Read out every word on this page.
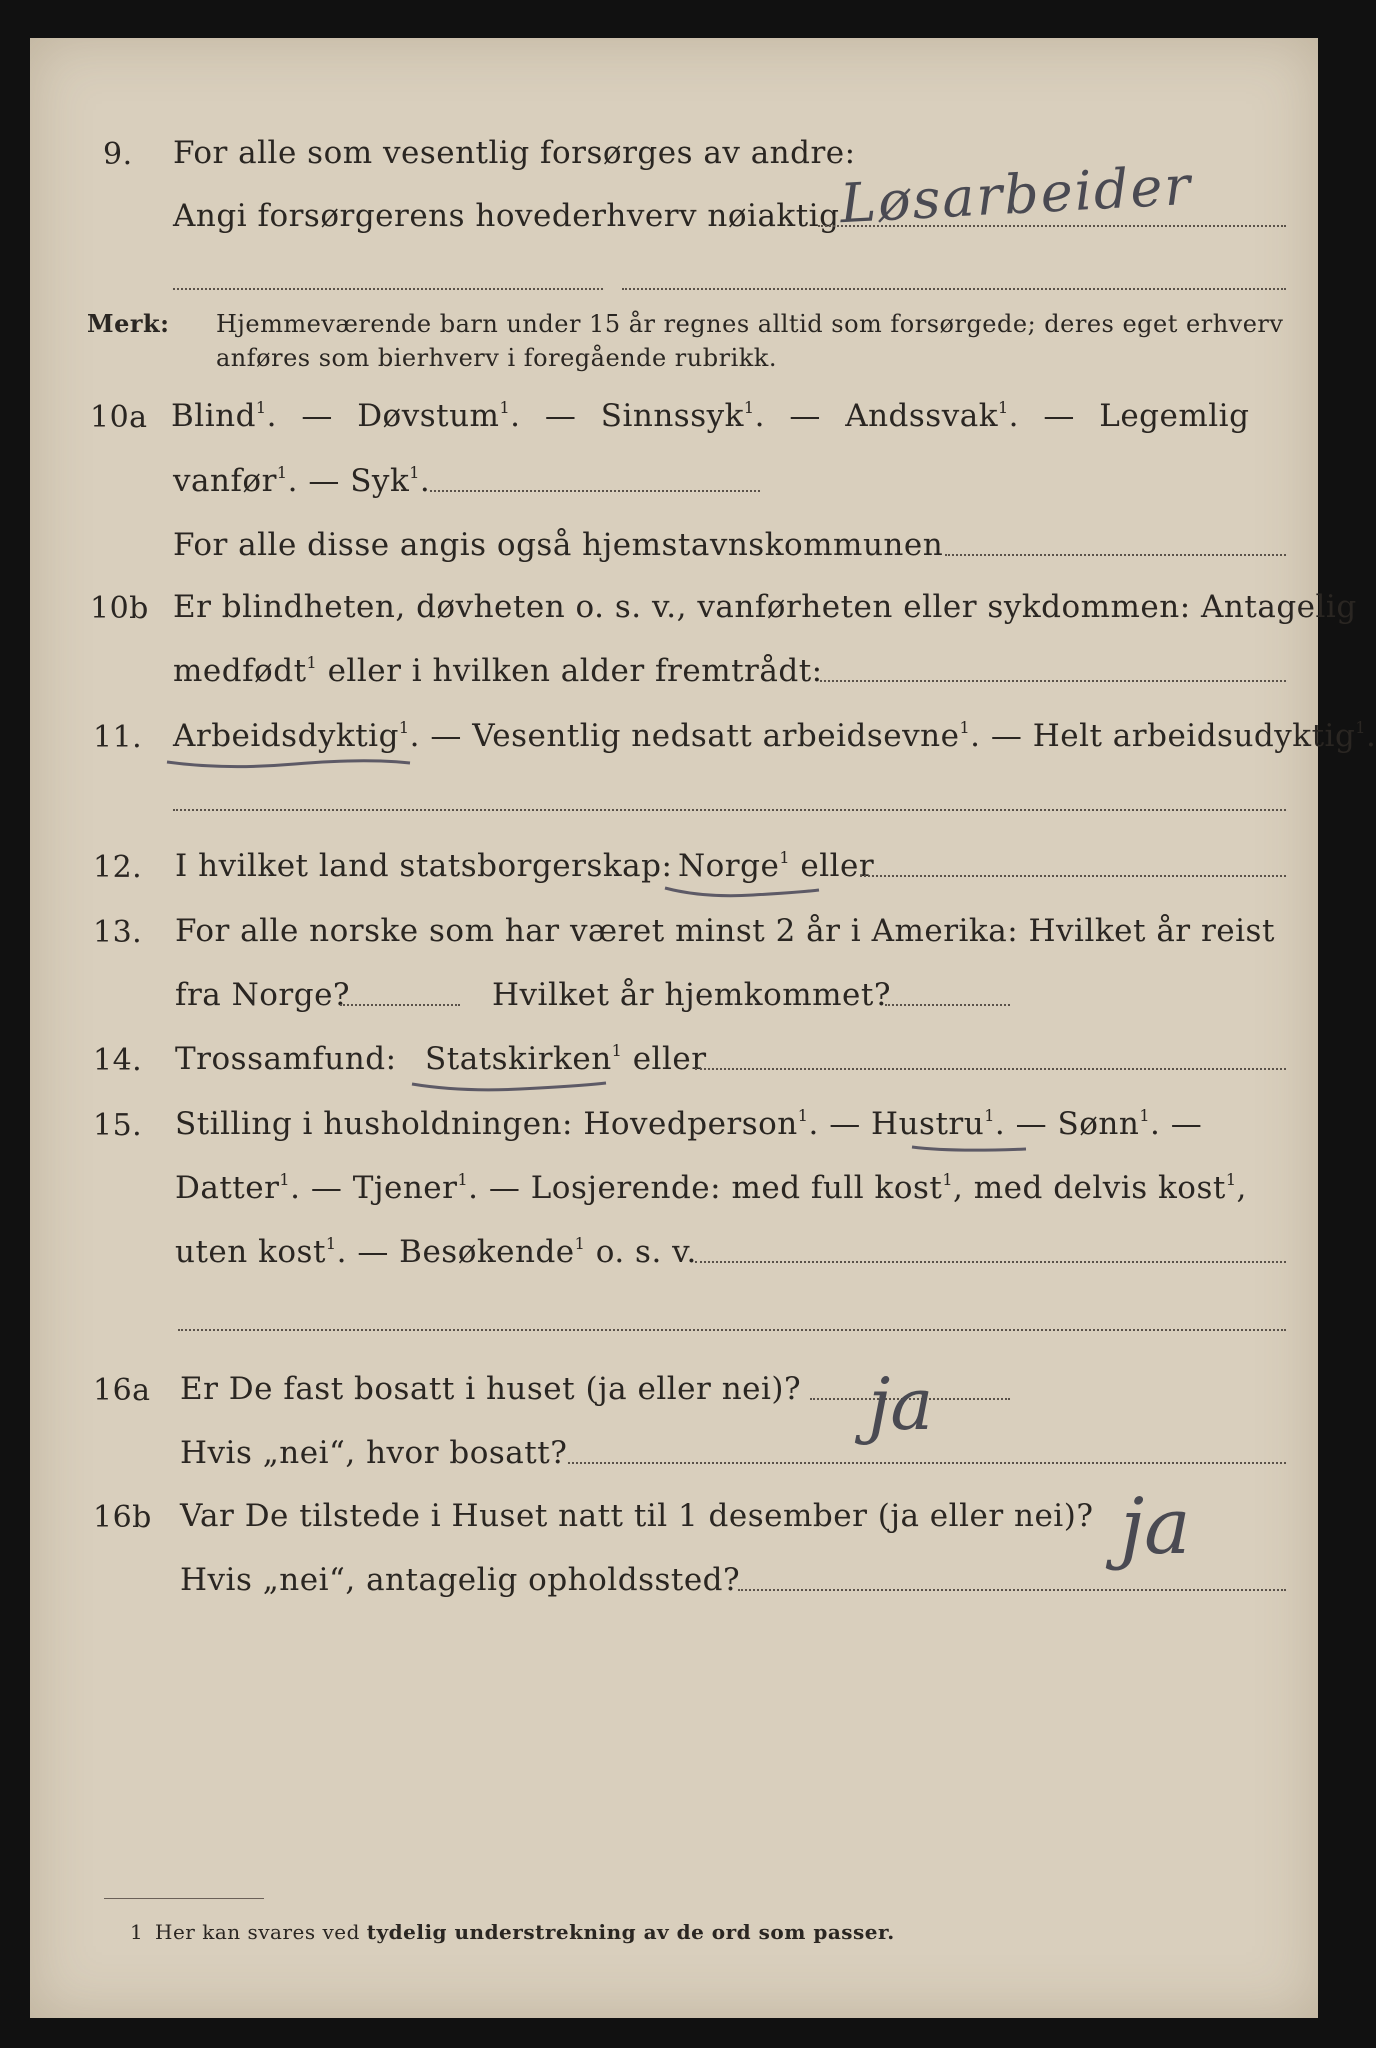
9. For alle som vesentlig forsørges av andre:
Angi forsørgerens hovederhverv nøiaktig Løsarbeider
Merk: Hjemmeværende barn under 15 år regnes alltid som forsørgede; deres eget erhverv
anføres som bierhverv i foregående rubrikk.
10a Blind$^1$. — Døvstum$^1$. — Sinnssyk$^1$. — Andssvak$^1$. — Legemlig
vanfør$^1$. — Syk$^1$.
For alle disse angis også hjemstavnskommunen
10b Er blindheten, døvheten o. s. v., vanførheten eller sykdommen: Antagelig
medfødt$^1$ eller i hvilken alder fremtrådt:
11. Arbeidsdyktig$^1$. — Vesentlig nedsatt arbeidsevne$^1$. — Helt arbeidsudyktig$^1$.
12. I hvilket land statsborgerskap: Norge$^1$ eller
13. For alle norske som har været minst 2 år i Amerika: Hvilket år reist
fra Norge?	Hvilket år hjemkommet?
14. Trossamfund: Statskirken$^1$ eller
15. Stilling i husholdningen: Hovedperson$^1$. — Hustru$^1$. — Sønn$^1$. —
Datter$^1$. — Tjener$^1$. — Losjerende: med full kost$^1$, med delvis kost$^1$,
uten kost$^1$. — Besøkende$^1$ o. s. v.
16a Er De fast bosatt i huset (ja eller nei)? ja
Hvis „nei“, hvor bosatt?
16b Var De tilstede i Huset natt til 1 desember (ja eller nei)? ja
Hvis „nei“, antagelig opholdssted?
1 Her kan svares ved tydelig understrekning av de ord som passer.
